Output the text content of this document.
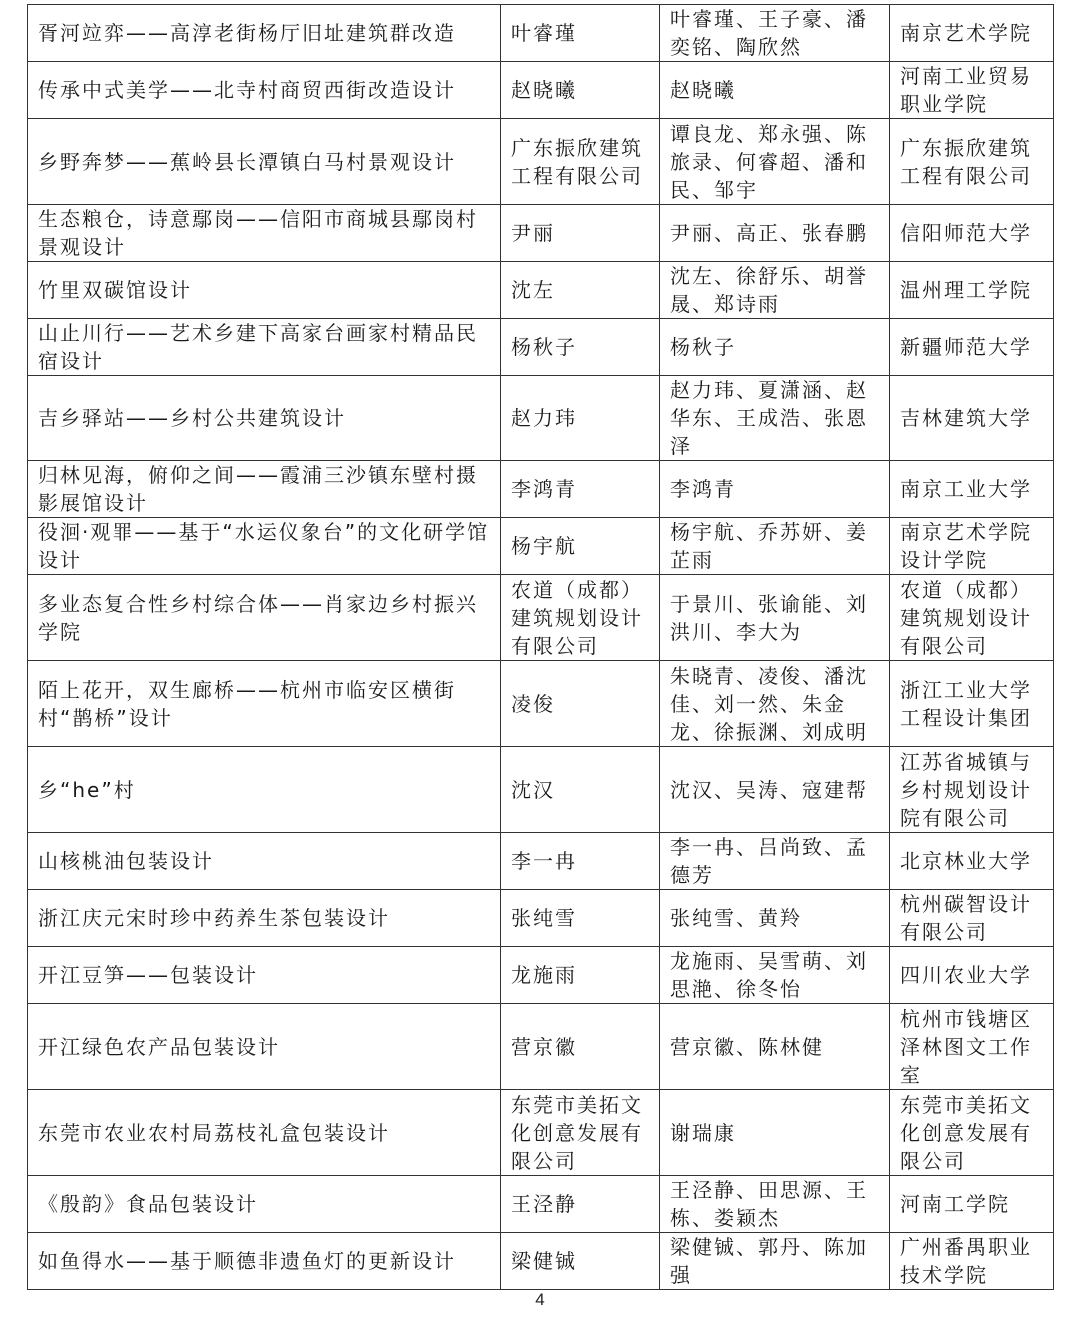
胥河竝弈——高淳老街杨厅旧址建筑群改造	叶睿瑾	叶睿瑾、王子豪、潘奕铭、陶欣然	南京艺术学院
传承中式美学——北寺村商贸西街改造设计	赵晓曦	赵晓曦	河南工业贸易职业学院
乡野奔梦——蕉岭县长潭镇白马村景观设计	广东振欣建筑工程有限公司	谭良龙、郑永强、陈旅录、何睿超、潘和民、邹宇	广东振欣建筑工程有限公司
生态粮仓，诗意鄢岗——信阳市商城县鄢岗村景观设计	尹丽	尹丽、高正、张春鹏	信阳师范大学
竹里双碳馆设计	沈左	沈左、徐舒乐、胡誉晟、郑诗雨	温州理工学院
山止川行——艺术乡建下高家台画家村精品民宿设计	杨秋子	杨秋子	新疆师范大学
吉乡驿站——乡村公共建筑设计	赵力玮	赵力玮、夏潇涵、赵华东、王成浩、张恩泽	吉林建筑大学
归林见海，俯仰之间——霞浦三沙镇东壁村摄影展馆设计	李鸿青	李鸿青	南京工业大学
役洄·观罪——基于“水运仪象台”的文化研学馆设计	杨宇航	杨宇航、乔苏妍、姜芷雨	南京艺术学院设计学院
多业态复合性乡村综合体——肖家边乡村振兴学院	农道（成都）建筑规划设计有限公司	于景川、张谕能、刘洪川、李大为	农道（成都）建筑规划设计有限公司
陌上花开，双生廊桥——杭州市临安区横街村“鹊桥”设计	凌俊	朱晓青、凌俊、潘沈佳、刘一然、朱金龙、徐振渊、刘成明	浙江工业大学工程设计集团
乡“he”村	沈汉	沈汉、吴涛、寇建帮	江苏省城镇与乡村规划设计院有限公司
山核桃油包装设计	李一冉	李一冉、吕尚致、孟德芳	北京林业大学
浙江庆元宋时珍中药养生茶包装设计	张纯雪	张纯雪、黄羚	杭州碳智设计有限公司
开江豆笋——包装设计	龙施雨	龙施雨、吴雪萌、刘思滟、徐冬怡	四川农业大学
开江绿色农产品包装设计	营京徽	营京徽、陈林健	杭州市钱塘区泽林图文工作室
东莞市农业农村局荔枝礼盒包装设计	东莞市美拓文化创意发展有限公司	谢瑞康	东莞市美拓文化创意发展有限公司
《殷韵》食品包装设计	王泾静	王泾静、田思源、王栋、娄颖杰	河南工学院
如鱼得水——基于顺德非遗鱼灯的更新设计	梁健铖	梁健铖、郭丹、陈加强	广州番禺职业技术学院
4
